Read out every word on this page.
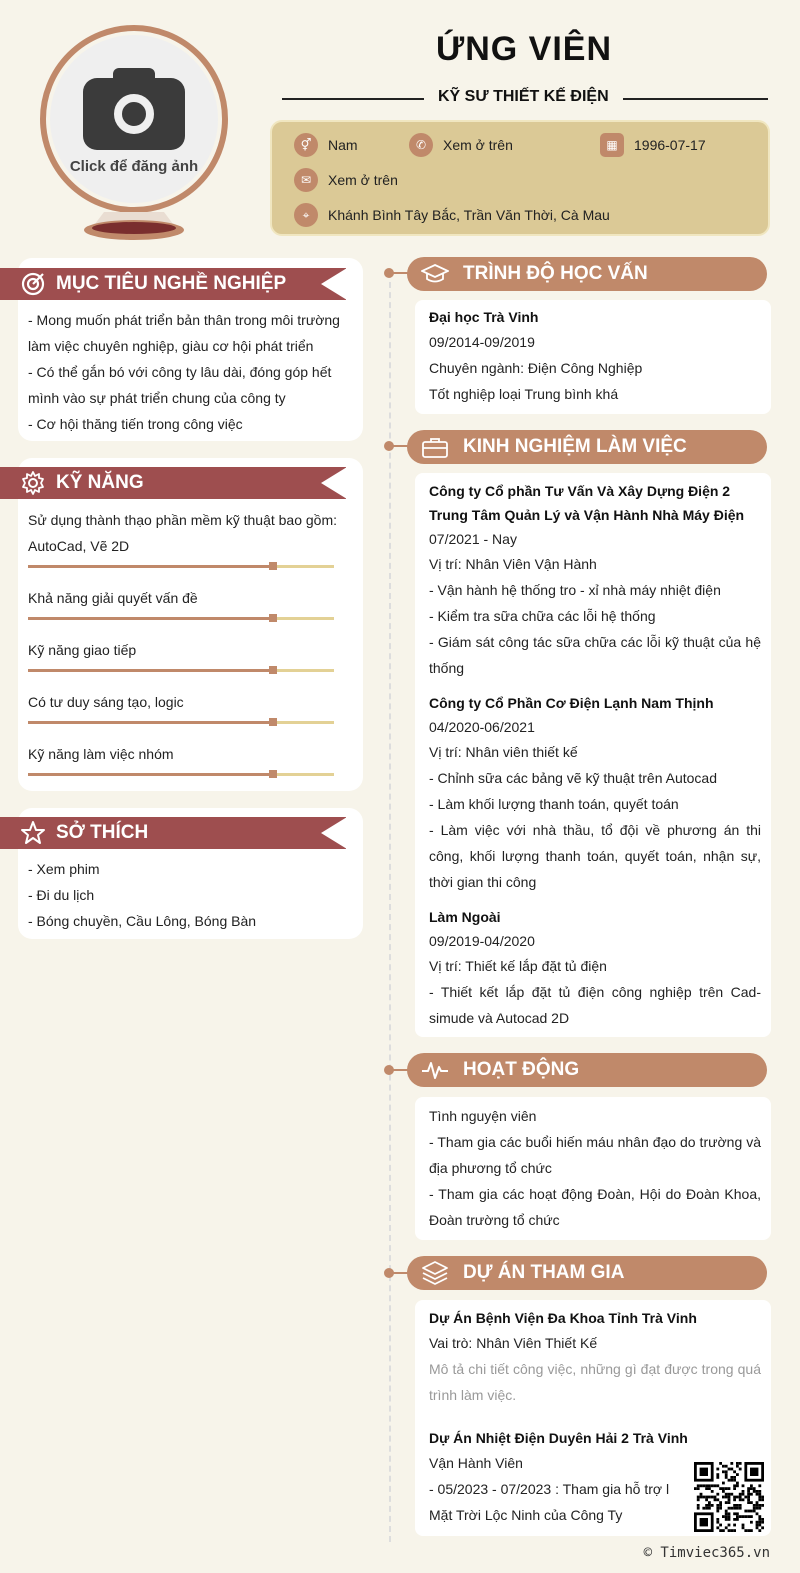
Click để đăng ảnh
ỨNG VIÊN
KỸ SƯ THIẾT KẾ ĐIỆN
⚥	Nam	✆	Xem ở trên	▦	1996-07-17
✉	Xem ở trên
⌖	Khánh Bình Tây Bắc, Trần Văn Thời, Cà Mau
MỤC TIÊU NGHỀ NGHIỆP
- Mong muốn phát triển bản thân trong môi trường làm việc chuyên nghiệp, giàu cơ hội phát triển
- Có thể gắn bó với công ty lâu dài, đóng góp hết mình vào sự phát triển chung của công ty
- Cơ hội thăng tiến trong công việc
KỸ NĂNG
Sử dụng thành thạo phần mềm kỹ thuật bao gồm: AutoCad, Vẽ 2D
Khả năng giải quyết vấn đề
Kỹ năng giao tiếp
Có tư duy sáng tạo, logic
Kỹ năng làm việc nhóm
SỞ THÍCH
- Xem phim
- Đi du lịch
- Bóng chuyền, Cầu Lông, Bóng Bàn
TRÌNH ĐỘ HỌC VẤN
Đại học Trà Vinh
09/2014-09/2019
Chuyên ngành: Điện Công Nghiệp
Tốt nghiệp loại Trung bình khá
KINH NGHIỆM LÀM VIỆC
Công ty Cổ phần Tư Vấn Và Xây Dựng Điện 2 Trung Tâm Quản Lý và Vận Hành Nhà Máy Điện
07/2021 - Nay
Vị trí: Nhân Viên Vận Hành
- Vận hành hệ thống tro - xỉ nhà máy nhiệt điện
- Kiểm tra sữa chữa các lỗi hệ thống
- Giám sát công tác sữa chữa các lỗi kỹ thuật của hệ thống
Công ty Cổ Phần Cơ Điện Lạnh Nam Thịnh
04/2020-06/2021
Vị trí: Nhân viên thiết kế
- Chỉnh sữa các bảng vẽ kỹ thuật trên Autocad
- Làm khối lượng thanh toán, quyết toán
- Làm việc với nhà thầu, tổ đội về phương án thi công, khối lượng thanh toán, quyết toán, nhận sự, thời gian thi công
Làm Ngoài
09/2019-04/2020
Vị trí: Thiết kế lắp đặt tủ điện
- Thiết kết lắp đặt tủ điện công nghiệp trên Cad-simude và Autocad 2D
HOẠT ĐỘNG
Tình nguyện viên
- Tham gia các buổi hiến máu nhân đạo do trường và địa phương tổ chức
- Tham gia các hoạt động Đoàn, Hội do Đoàn Khoa, Đoàn trường tổ chức
DỰ ÁN THAM GIA
Dự Án Bệnh Viện Đa Khoa Tỉnh Trà Vinh
Vai trò: Nhân Viên Thiết Kế
Mô tả chi tiết công việc, những gì đạt được trong quá trình làm việc.
Dự Án Nhiệt Điện Duyên Hải 2 Trà Vinh
Vận Hành Viên
- 05/2023 - 07/2023 : Tham gia hỗ trợ l
Mặt Trời Lộc Ninh của Công Ty
© Timviec365.vn
